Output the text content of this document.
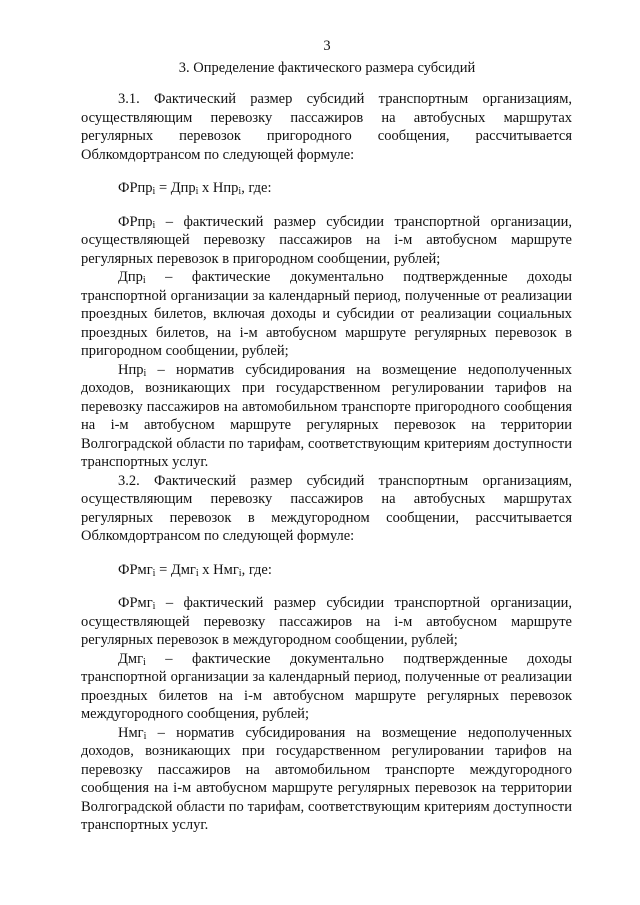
3
3. Определение фактического размера субсидий

3.1. Фактический размер субсидий транспортным организациям, осуществляющим перевозку пассажиров на автобусных маршрутах регулярных перевозок пригородного сообщения, рассчитывается Облкомдортрансом по следующей формуле:

ФРпр$_i$ = Дпр$_i$ x Нпр$_i$, где:

ФРпр$_i$ – фактический размер субсидии транспортной организации, осуществляющей перевозку пассажиров на i-м автобусном маршруте регулярных перевозок в пригородном сообщении, рублей;

Дпр$_i$ – фактические документально подтвержденные доходы транспортной организации за календарный период, полученные от реализации проездных билетов, включая доходы и субсидии от реализации социальных проездных билетов, на i-м автобусном маршруте регулярных перевозок в пригородном сообщении, рублей;

Нпр$_i$ – норматив субсидирования на возмещение недополученных доходов, возникающих при государственном регулировании тарифов на перевозку пассажиров на автомобильном транспорте пригородного сообщения на i-м автобусном маршруте регулярных перевозок на территории Волгоградской области по тарифам, соответствующим критериям доступности транспортных услуг.

3.2. Фактический размер субсидий транспортным организациям, осуществляющим перевозку пассажиров на автобусных маршрутах регулярных перевозок в междугородном сообщении, рассчитывается Облкомдортрансом по следующей формуле:

ФРмг$_i$ = Дмг$_i$ x Нмг$_i$, где:

ФРмг$_i$ – фактический размер субсидии транспортной организации, осуществляющей перевозку пассажиров на i-м автобусном маршруте регулярных перевозок в междугородном сообщении, рублей;

Дмг$_i$ – фактические документально подтвержденные доходы транспортной организации за календарный период, полученные от реализации проездных билетов на i-м автобусном маршруте регулярных перевозок междугородного сообщения, рублей;

Нмг$_i$ – норматив субсидирования на возмещение недополученных доходов, возникающих при государственном регулировании тарифов на перевозку пассажиров на автомобильном транспорте междугородного сообщения на i-м автобусном маршруте регулярных перевозок на территории Волгоградской области по тарифам, соответствующим критериям доступности транспортных услуг.
